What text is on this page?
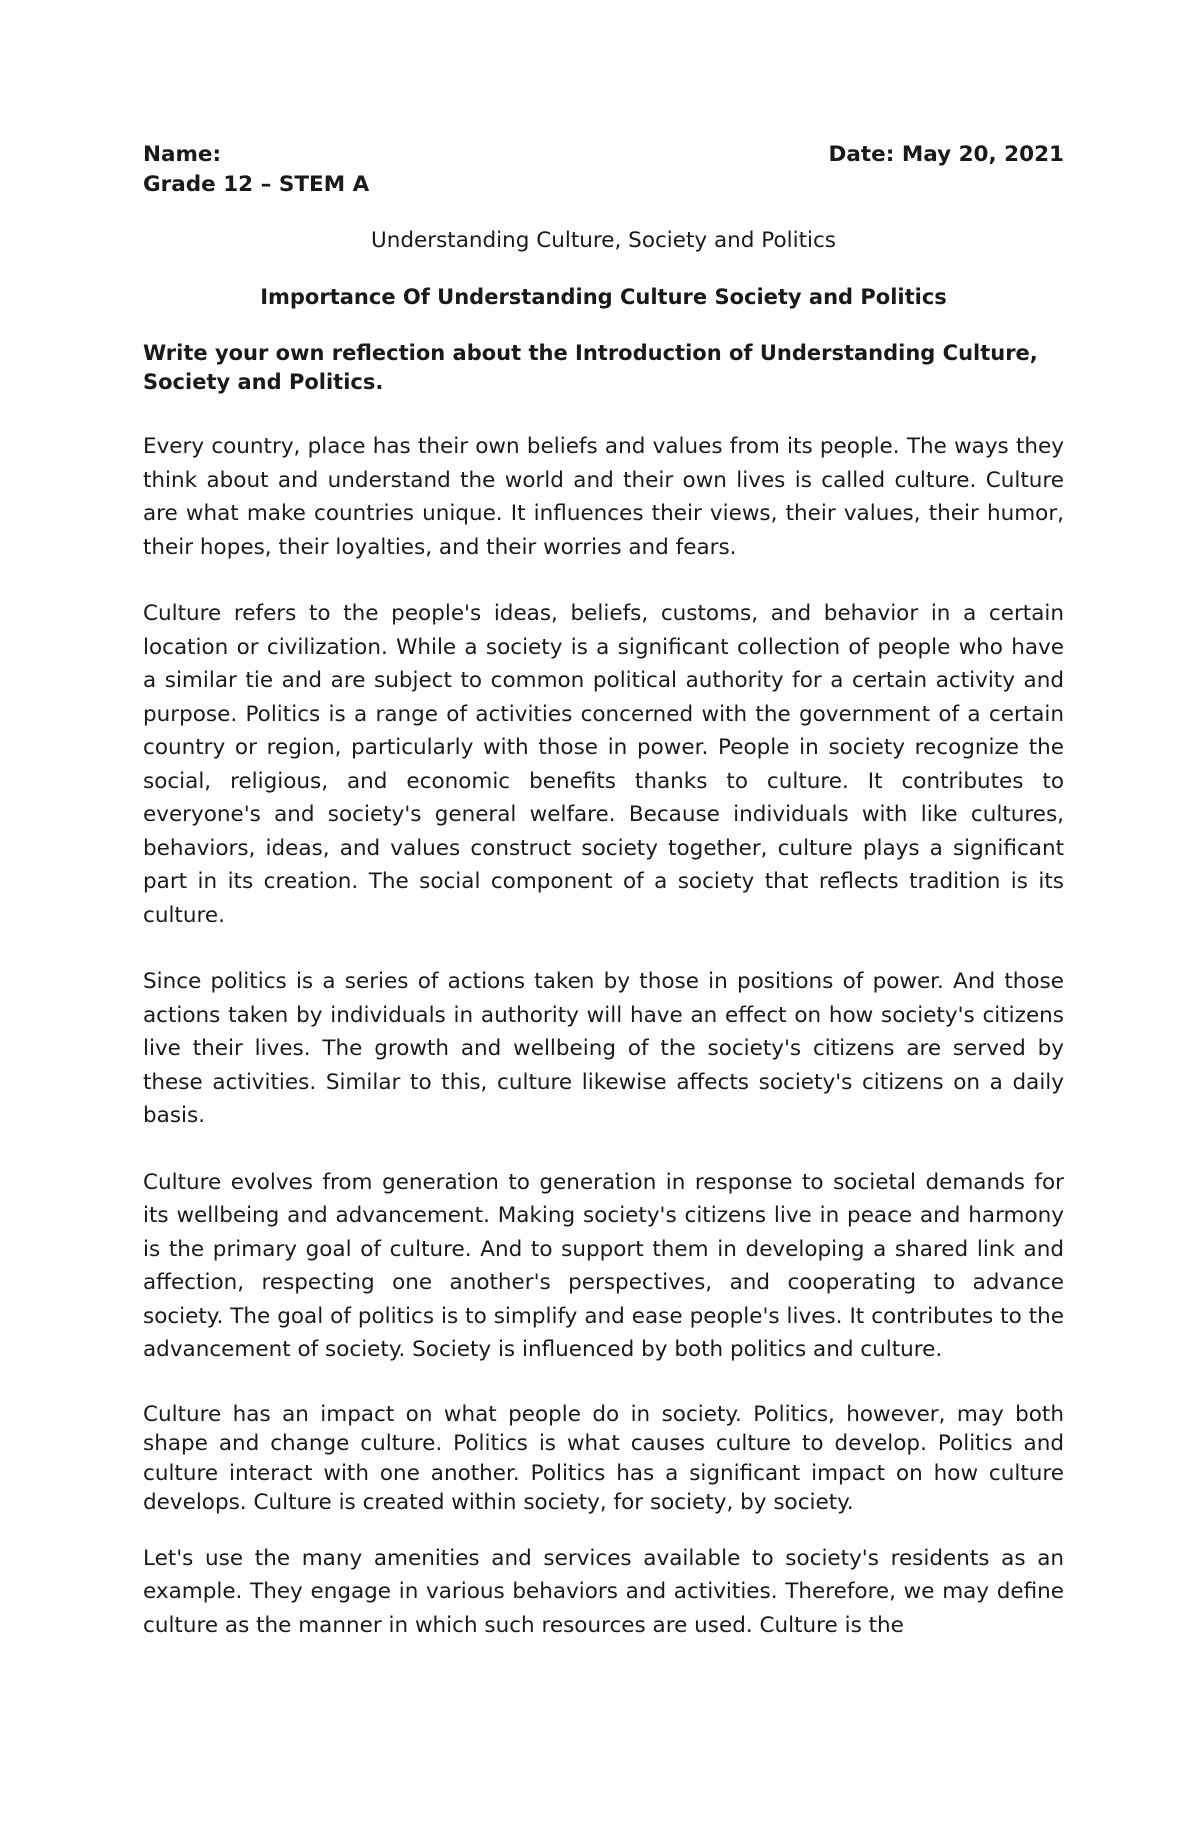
Name:	Date: May 20, 2021
Grade 12 – STEM A
Understanding Culture, Society and Politics
Importance Of Understanding Culture Society and Politics
Write your own reflection about the Introduction of Understanding Culture, Society and Politics.

Every country, place has their own beliefs and values from its people. The ways they think about and understand the world and their own lives is called culture. Culture are what make countries unique. It influences their views, their values, their humor, their hopes, their loyalties, and their worries and fears.

Culture refers to the people's ideas, beliefs, customs, and behavior in a certain location or civilization. While a society is a significant collection of people who have a similar tie and are subject to common political authority for a certain activity and purpose. Politics is a range of activities concerned with the government of a certain country or region, particularly with those in power. People in society recognize the social, religious, and economic benefits thanks to culture. It contributes to everyone's and society's general welfare. Because individuals with like cultures, behaviors, ideas, and values construct society together, culture plays a significant part in its creation. The social component of a society that reflects tradition is its culture.

Since politics is a series of actions taken by those in positions of power. And those actions taken by individuals in authority will have an effect on how society's citizens live their lives. The growth and wellbeing of the society's citizens are served by these activities. Similar to this, culture likewise affects society's citizens on a daily basis.

Culture evolves from generation to generation in response to societal demands for its wellbeing and advancement. Making society's citizens live in peace and harmony is the primary goal of culture. And to support them in developing a shared link and affection, respecting one another's perspectives, and cooperating to advance society. The goal of politics is to simplify and ease people's lives. It contributes to the advancement of society. Society is influenced by both politics and culture.

Culture has an impact on what people do in society. Politics, however, may both shape and change culture. Politics is what causes culture to develop. Politics and culture interact with one another. Politics has a significant impact on how culture develops. Culture is created within society, for society, by society.

Let's use the many amenities and services available to society's residents as an example. They engage in various behaviors and activities. Therefore, we may define culture as the manner in which such resources are used. Culture is the
